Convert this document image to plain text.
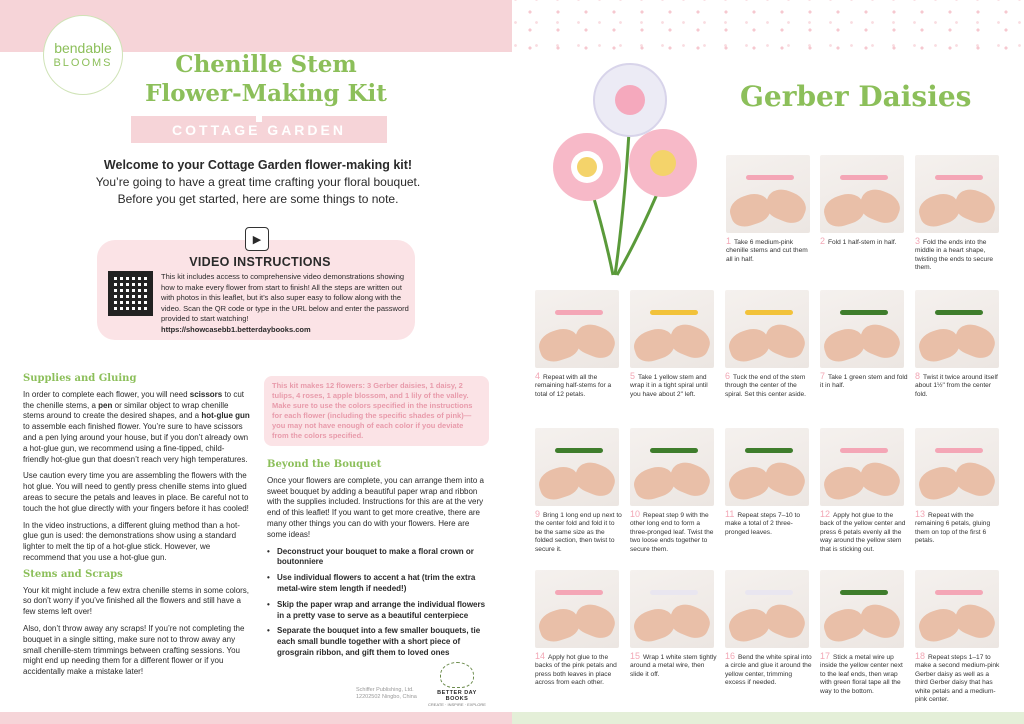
bendable
BLOOMS	Chenille Stem Flower-Making Kit
COTTAGE GARDEN
Welcome to your Cottage Garden flower-making kit!
You’re going to have a great time crafting your floral bouquet.
Before you get started, here are some things to note.
▶
VIDEO INSTRUCTIONS
This kit includes access to comprehensive video demonstrations showing how to make every flower from start to finish! All the steps are written out with photos in this leaflet, but it’s also super easy to follow along with the video. Scan the QR code or type in the URL below and enter the password provided to start watching!
https://showcasebb1.betterdaybooks.com
Supplies and Gluing

In order to complete each flower, you will need scissors to cut the chenille stems, a pen or similar object to wrap chenille stems around to create the desired shapes, and a hot-glue gun to assemble each finished flower. You’re sure to have scissors and a pen lying around your house, but if you don’t already own a hot-glue gun, we recommend using a fine-tipped, child-friendly hot-glue gun that doesn’t reach very high temperatures.

Use caution every time you are assembling the flowers with the hot glue. You will need to gently press chenille stems into glued areas to secure the petals and leaves in place. Be careful not to touch the hot glue directly with your fingers before it has cooled!

In the video instructions, a different gluing method than a hot-glue gun is used: the demonstrations show using a standard lighter to melt the tip of a hot-glue stick. However, we recommend that you use a hot-glue gun.

Stems and Scraps

Your kit might include a few extra chenille stems in some colors, so don’t worry if you’ve finished all the flowers and still have a few stems left over!

Also, don’t throw away any scraps! If you’re not completing the bouquet in a single sitting, make sure not to throw away any small chenille-stem trimmings between crafting sessions. You might end up needing them for a different flower or if you accidentally make a mistake later!

This kit makes 12 flowers: 3 Gerber daisies, 1 daisy, 2 tulips, 4 roses, 1 apple blossom, and 1 lily of the valley. Make sure to use the colors specified in the instructions for each flower (including the specific shades of pink)—you may not have enough of each color if you deviate from the colors specified.
Beyond the Bouquet

Once your flowers are complete, you can arrange them into a sweet bouquet by adding a beautiful paper wrap and ribbon with the supplies included. Instructions for this are at the very end of this leaflet! If you want to get more creative, there are many other things you can do with your flowers. Here are some ideas!

• Deconstruct your bouquet to make a floral crown or boutonniere
• Use individual flowers to accent a hat (trim the extra metal-wire stem length if needed!)
• Skip the paper wrap and arrange the individual flowers in a pretty vase to serve as a beautiful centerpiece
• Separate the bouquet into a few smaller bouquets, tie each small bundle together with a short piece of grosgrain ribbon, and gift them to loved ones
Schiffer Publishing, Ltd.
12202502 Ningbo, China
BETTER DAY BOOKS
CREATE · INSPIRE · EXPLORE
Gerber Daisies
1 Take 6 medium-pink chenille stems and cut them all in half.
2 Fold 1 half-stem in half.	3 Fold the ends into the middle in a heart shape, twisting the ends to secure them.
4 Repeat with all the remaining half-stems for a total of 12 petals.
5 Take 1 yellow stem and wrap it in a tight spiral until you have about 2" left.
6 Tuck the end of the stem through the center of the spiral. Set this center aside.
7 Take 1 green stem and fold it in half.
8 Twist it twice around itself about 1½" from the center fold.
9 Bring 1 long end up next to the center fold and fold it to be the same size as the folded section, then twist to secure it.
10 Repeat step 9 with the other long end to form a three-pronged leaf. Twist the two loose ends together to secure them.
11 Repeat steps 7–10 to make a total of 2 three-pronged leaves.
12 Apply hot glue to the back of the yellow center and press 6 petals evenly all the way around the yellow stem that is sticking out.
13 Repeat with the remaining 6 petals, gluing them on top of the first 6 petals.
14 Apply hot glue to the backs of the pink petals and press both leaves in place across from each other.
15 Wrap 1 white stem tightly around a metal wire, then slide it off.
16 Bend the white spiral into a circle and glue it around the yellow center, trimming excess if needed.
17 Stick a metal wire up inside the yellow center next to the leaf ends, then wrap with green floral tape all the way to the bottom.
18 Repeat steps 1–17 to make a second medium-pink Gerber daisy as well as a third Gerber daisy that has white petals and a medium-pink center.
